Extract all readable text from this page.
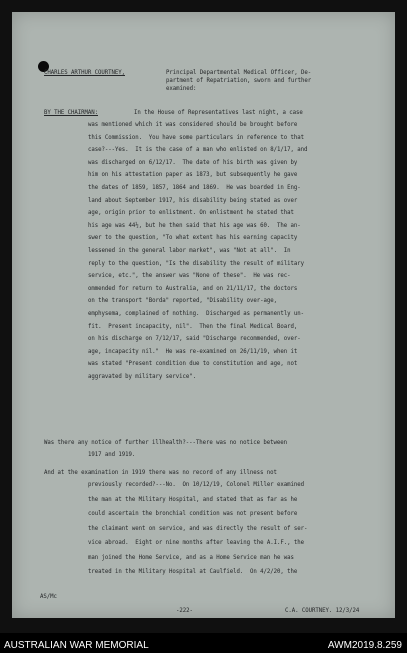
CHARLES ARTHUR COURTNEY,	Principal Departmental Medical Officer, De-
partment of Repatriation, sworn and further
examined:
BY THE CHAIRMAN:	In the House of Representatives last night, a case
was mentioned which it was considered should be brought before
this Commission.  You have some particulars in reference to that
case?---Yes.  It is the case of a man who enlisted on 8/1/17, and
was discharged on 6/12/17.  The date of his birth was given by
him on his attestation paper as 1873, but subsequently he gave
the dates of 1859, 1857, 1864 and 1869.  He was boarded in Eng-
land about September 1917, his disability being stated as over
age, origin prior to enlistment. On enlistment he stated that
his age was 44½, but he then said that his age was 60.  The an-
swer to the question, "To what extent has his earning capacity
lessened in the general labor market", was "Not at all".  In
reply to the question, "Is the disability the result of military
service, etc.", the answer was "None of these".  He was rec-
ommended for return to Australia, and on 21/11/17, the doctors
on the transport "Borda" reported, "Disability over-age,
emphysema, complained of nothing.  Discharged as permanently un-
fit.  Present incapacity, nil".  Then the final Medical Board,
on his discharge on 7/12/17, said "Discharge recommended, over-
age, incapacity nil."  He was re-examined on 26/11/19, when it
was stated "Present condition due to constitution and age, not
aggravated by military service".
Was there any notice of further illhealth?---There was no notice between
1917 and 1919.
And at the examination in 1919 there was no record of any illness not
previously recorded?---No.  On 10/12/19, Colonel Miller examined
the man at the Military Hospital, and stated that as far as he
could ascertain the bronchial condition was not present before
the claimant went on service, and was directly the result of ser-
vice abroad.  Eight or nine months after leaving the A.I.F., the
man joined the Home Service, and as a Home Service man he was
treated in the Military Hospital at Caulfield.  On 4/2/20, the
AS/Mc
-222-	C.A. COURTNEY. 12/3/24
AUSTRALIAN WAR MEMORIAL	AWM2019.8.259
